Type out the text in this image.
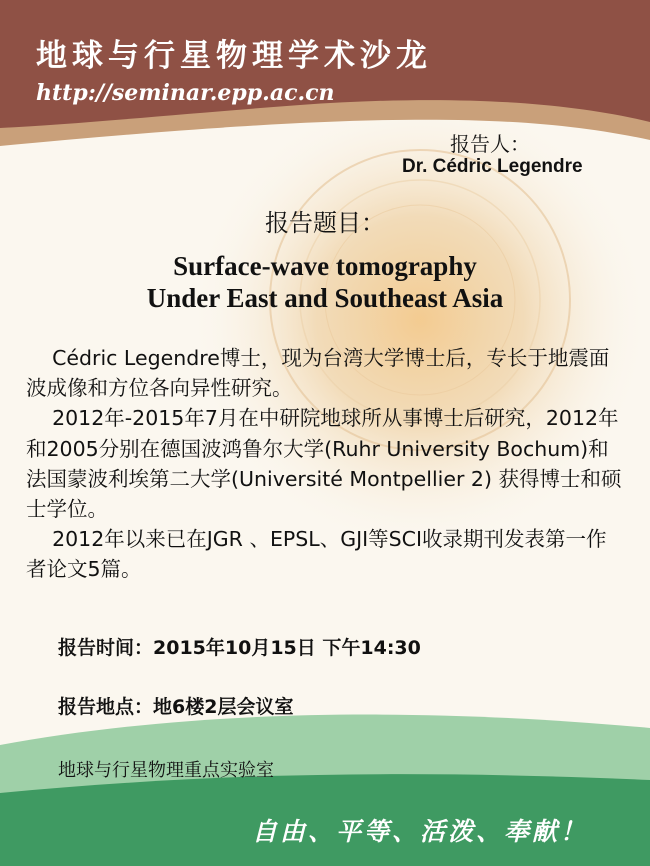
地球与行星物理学术沙龙
http://seminar.epp.ac.cn
报告人：
Dr. Cédric Legendre
报告题目：
Surface-wave tomography
Under East and Southeast Asia

Cédric Legendre博士，现为台湾大学博士后，专长于地震面波成像和方位各向异性研究。

2012年-2015年7月在中研院地球所从事博士后研究，2012年和2005分别在德国波鸿鲁尔大学(Ruhr University Bochum)和法国蒙波利埃第二大学(Université Montpellier 2) 获得博士和硕士学位。

2012年以来已在JGR 、EPSL、GJI等SCI收录期刊发表第一作者论文5篇。

报告时间：2015年10月15日 下午14:30
报告地点：地6楼2层会议室
地球与行星物理重点实验室
自由、平等、活泼、奉献！
